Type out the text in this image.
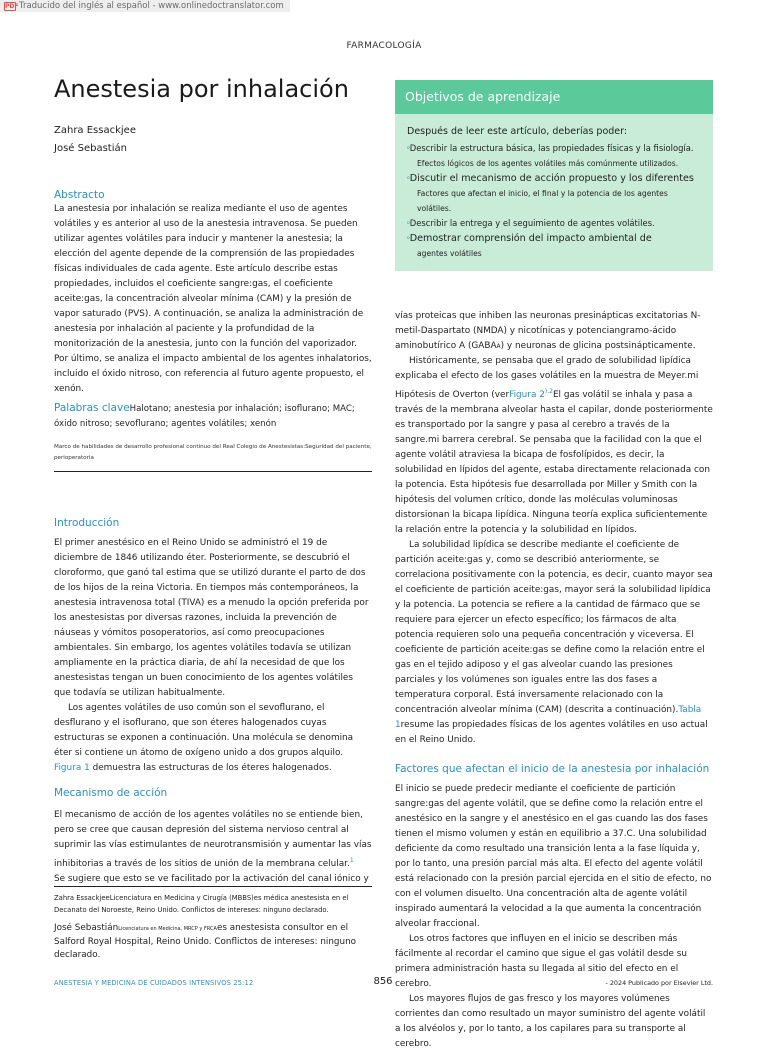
PDF Traducido del inglés al español - www.onlinedoctranslator.com
FARMACOLOGÍA
Anestesia por inhalación
Zahra Essackjee
José Sebastián
Abstracto

La anestesia por inhalación se realiza mediante el uso de agentes volátiles y es anterior al uso de la anestesia intravenosa. Se pueden utilizar agentes volátiles para inducir y mantener la anestesia; la elección del agente depende de la comprensión de las propiedades físicas individuales de cada agente. Este artículo describe estas propiedades, incluidos el coeficiente sangre:gas, el coeficiente aceite:gas, la concentración alveolar mínima (CAM) y la presión de vapor saturado (PVS). A continuación, se analiza la administración de anestesia por inhalación al paciente y la profundidad de la monitorización de la anestesia, junto con la función del vaporizador. Por último, se analiza el impacto ambiental de los agentes inhalatorios, incluido el óxido nitroso, con referencia al futuro agente propuesto, el xenón.

Palabras claveHalotano; anestesia por inhalación; isoflurano; MAC; óxido nitroso; sevoflurano; agentes volátiles; xenón

Marco de habilidades de desarrollo profesional continuo del Real Colegio de Anestesistas:Seguridad del paciente, perioperatoria

Introducción

El primer anestésico en el Reino Unido se administró el 19 de diciembre de 1846 utilizando éter. Posteriormente, se descubrió el cloroformo, que ganó tal estima que se utilizó durante el parto de dos de los hijos de la reina Victoria. En tiempos más contemporáneos, la anestesia intravenosa total (TIVA) es a menudo la opción preferida por los anestesistas por diversas razones, incluida la prevención de náuseas y vómitos posoperatorios, así como preocupaciones ambientales. Sin embargo, los agentes volátiles todavía se utilizan ampliamente en la práctica diaria, de ahí la necesidad de que los anestesistas tengan un buen conocimiento de los agentes volátiles que todavía se utilizan habitualmente.

Los agentes volátiles de uso común son el sevoflurano, el desflurano y el isoflurano, que son éteres halogenados cuyas estructuras se exponen a continuación. Una molécula se denomina éter si contiene un átomo de oxígeno unido a dos grupos alquilo. Figura 1 demuestra las estructuras de los éteres halogenados.

Mecanismo de acción

El mecanismo de acción de los agentes volátiles no se entiende bien, pero se cree que causan depresión del sistema nervioso central al suprimir las vías estimulantes de neurotransmisión y aumentar las vías inhibitorias a través de los sitios de unión de la membrana celular.$^1$

Se sugiere que esto se ve facilitado por la activación del canal iónico y

Objetivos de aprendizaje
Después de leer este artículo, deberías poder:
oDescribir la estructura básica, las propiedades físicas y la fisiología.
Efectos lógicos de los agentes volátiles más comúnmente utilizados.
oDiscutir el mecanismo de acción propuesto y los diferentes
Factores que afectan el inicio, el final y la potencia de los agentes volátiles.
oDescribir la entrega y el seguimiento de agentes volátiles.
oDemostrar comprensión del impacto ambiental de
agentes volátiles

vías proteicas que inhiben las neuronas presinápticas excitatorias N-metil-Daspartato (NMDA) y nicotínicas y potenciangramo-ácido aminobutírico A (GABAA) y neuronas de glicina postsinápticamente.

Históricamente, se pensaba que el grado de solubilidad lipídica explicaba el efecto de los gases volátiles en la muestra de Meyer.mi Hipótesis de Overton (verFigura $2^{).2}El$ gas volátil se inhala y pasa a través de la membrana alveolar hasta el capilar, donde posteriormente es transportado por la sangre y pasa al cerebro a través de la sangre.mi barrera cerebral. Se pensaba que la facilidad con la que el agente volátil atraviesa la bicapa de fosfolípidos, es decir, la solubilidad en lípidos del agente, estaba directamente relacionada con la potencia. Esta hipótesis fue desarrollada por Miller y Smith con la hipótesis del volumen crítico, donde las moléculas voluminosas distorsionan la bicapa lipídica. Ninguna teoría explica suficientemente la relación entre la potencia y la solubilidad en lípidos.

La solubilidad lipídica se describe mediante el coeficiente de partición aceite:gas y, como se describió anteriormente, se correlaciona positivamente con la potencia, es decir, cuanto mayor sea el coeficiente de partición aceite:gas, mayor será la solubilidad lipídica y la potencia. La potencia se refiere a la cantidad de fármaco que se requiere para ejercer un efecto específico; los fármacos de alta potencia requieren solo una pequeña concentración y viceversa. El coeficiente de partición aceite:gas se define como la relación entre el gas en el tejido adiposo y el gas alveolar cuando las presiones parciales y los volúmenes son iguales entre las dos fases a temperatura corporal. Está inversamente relacionado con la concentración alveolar mínima (CAM) (descrita a continuación).Tabla 1resume las propiedades físicas de los agentes volátiles en uso actual en el Reino Unido.

Factores que afectan el inicio de la anestesia por inhalación

El inicio se puede predecir mediante el coeficiente de partición sangre:gas del agente volátil, que se define como la relación entre el anestésico en la sangre y el anestésico en el gas cuando las dos fases tienen el mismo volumen y están en equilibrio a 37.C. Una solubilidad deficiente da como resultado una transición lenta a la fase líquida y, por lo tanto, una presión parcial más alta. El efecto del agente volátil está relacionado con la presión parcial ejercida en el sitio de efecto, no con el volumen disuelto. Una concentración alta de agente volátil inspirado aumentará la velocidad a la que aumenta la concentración alveolar fraccional.

Los otros factores que influyen en el inicio se describen más fácilmente al recordar el camino que sigue el gas volátil desde su primera administración hasta su llegada al sitio del efecto en el cerebro.

Los mayores flujos de gas fresco y los mayores volúmenes corrientes dan como resultado un mayor suministro del agente volátil a los alvéolos y, por lo tanto, a los capilares para su transporte al cerebro.

Zahra EssackjeeLicenciatura en Medicina y Cirugía (MBBS)es médica anestesista en el Decanato del Noroeste, Reino Unido. Conflictos de intereses: ninguno declarado.

José SebastiánLicenciatura en Medicina, MRCP y FRCAes anestesista consultor en el Salford Royal Hospital, Reino Unido. Conflictos de intereses: ninguno declarado.

ANESTESIA Y MEDICINA DE CUIDADOS INTENSIVOS 25:12	856	- 2024 Publicado por Elsevier Ltd.
